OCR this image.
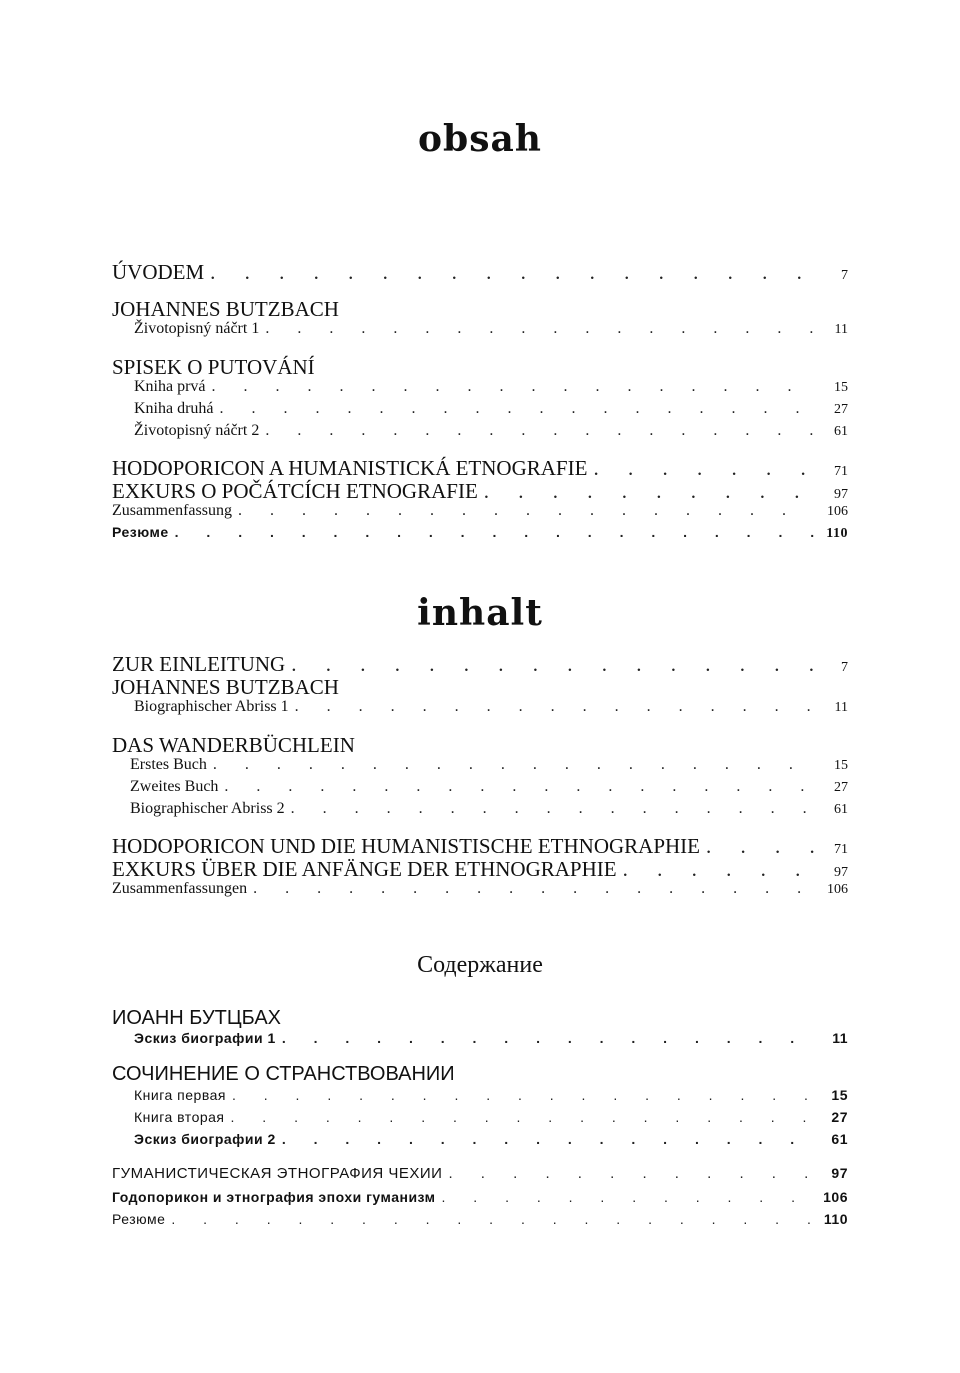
obsah
ÚVODEM . . .	7
JOHANNES BUTZBACH
Životopisný náčrt 1 . . .	11
SPISEK O PUTOVÁNÍ
Kniha prvá . . .	15
Kniha druhá . . .	27
Životopisný náčrt 2 . . .	61
HODOPORICON A HUMANISTICKÁ ETNOGRAFIE . . .	71
EXKURS O POČÁTCÍCH ETNOGRAFIE . . .	97
Zusammenfassung . . .	106
Резюме . . .	110
inhalt
ZUR EINLEITUNG . . .	7
JOHANNES BUTZBACH
Biographischer Abriss 1 . . .	11
DAS WANDERBÜCHLEIN
Erstes Buch . . .	15
Zweites Buch . . .	27
Biographischer Abriss 2 . . .	61
HODOPORICON UND DIE HUMANISTISCHE ETHNOGRAPHIE . . .	71
EXKURS ÜBER DIE ANFÄNGE DER ETHNOGRAPHIE . . .	97
Zusammenfassungen . . .	106
Содержание
ИОАНН БУТЦБАХ
Эскиз биографии 1 . . .	11
СОЧИНЕНИЕ О СТРАНСТВОВАНИИ
Книга первая . . .	15
Книга вторая . . .	27
Эскиз биографии 2 . . .	61
ГУМАНИСТИЧЕСКАЯ ЭТНОГРАФИЯ ЧЕХИИ . . .	97
Годопорикон и этнография эпохи гуманизм . . .	106
Резюме . . .	110
